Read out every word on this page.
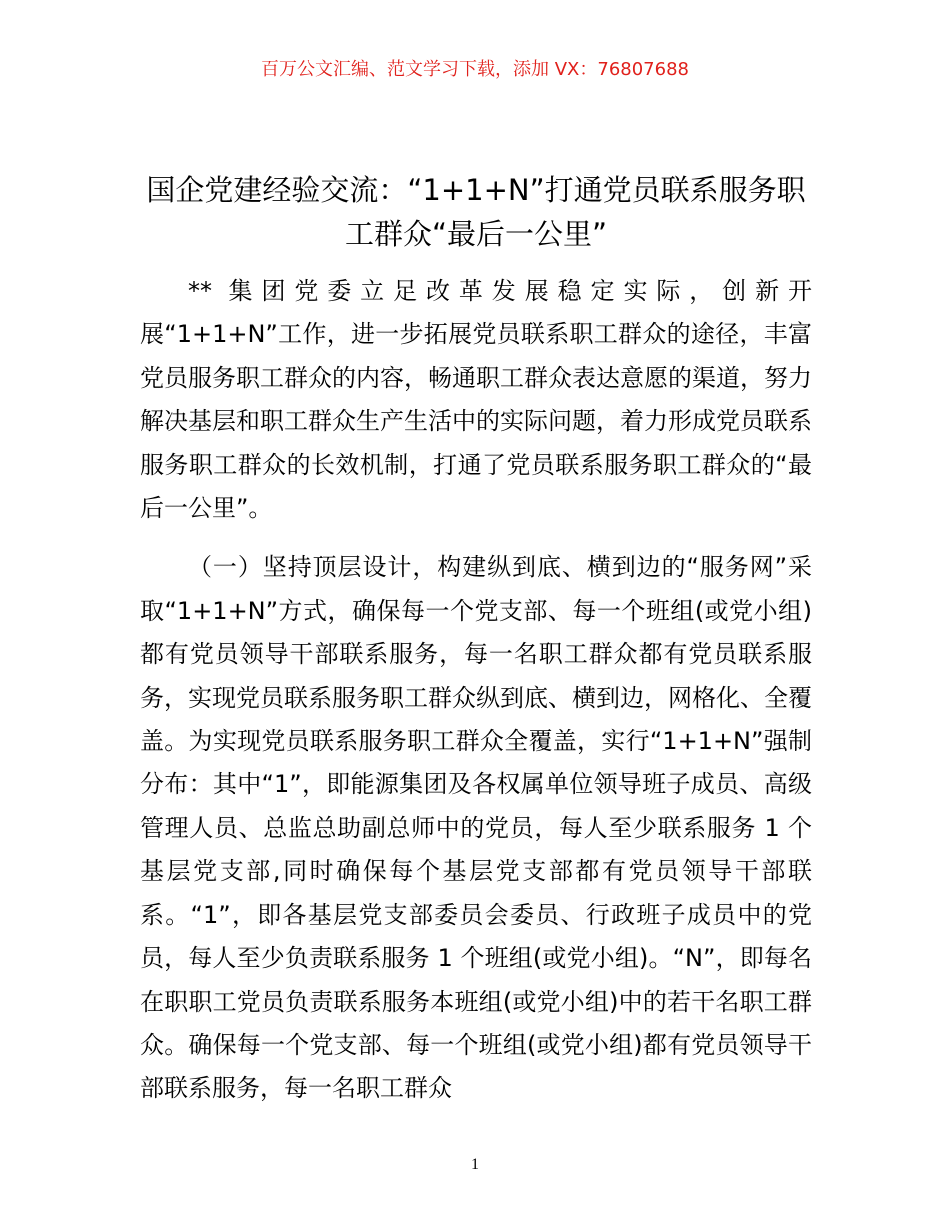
百万公文汇编、范文学习下载，添加 VX：76807688
国企党建经验交流：“1+1+N”打通党员联系服务职工群众“最后一公里”

** 集团党委立足改革发展稳定实际，创新开展“1+1+N”工作，进一步拓展党员联系职工群众的途径，丰富党员服务职工群众的内容，畅通职工群众表达意愿的渠道，努力解决基层和职工群众生产生活中的实际问题，着力形成党员联系服务职工群众的长效机制，打通了党员联系服务职工群众的“最后一公里”。

（一）坚持顶层设计，构建纵到底、横到边的“服务网”采取“1+1+N”方式，确保每一个党支部、每一个班组(或党小组)都有党员领导干部联系服务，每一名职工群众都有党员联系服务，实现党员联系服务职工群众纵到底、横到边，网格化、全覆盖。为实现党员联系服务职工群众全覆盖，实行“1+1+N”强制分布：其中“1”，即能源集团及各权属单位领导班子成员、高级管理人员、总监总助副总师中的党员，每人至少联系服务 1 个基层党支部,同时确保每个基层党支部都有党员领导干部联系。“1”，即各基层党支部委员会委员、行政班子成员中的党员，每人至少负责联系服务 1 个班组(或党小组)。“N”，即每名在职职工党员负责联系服务本班组(或党小组)中的若干名职工群众。确保每一个党支部、每一个班组(或党小组)都有党员领导干部联系服务，每一名职工群众

1
